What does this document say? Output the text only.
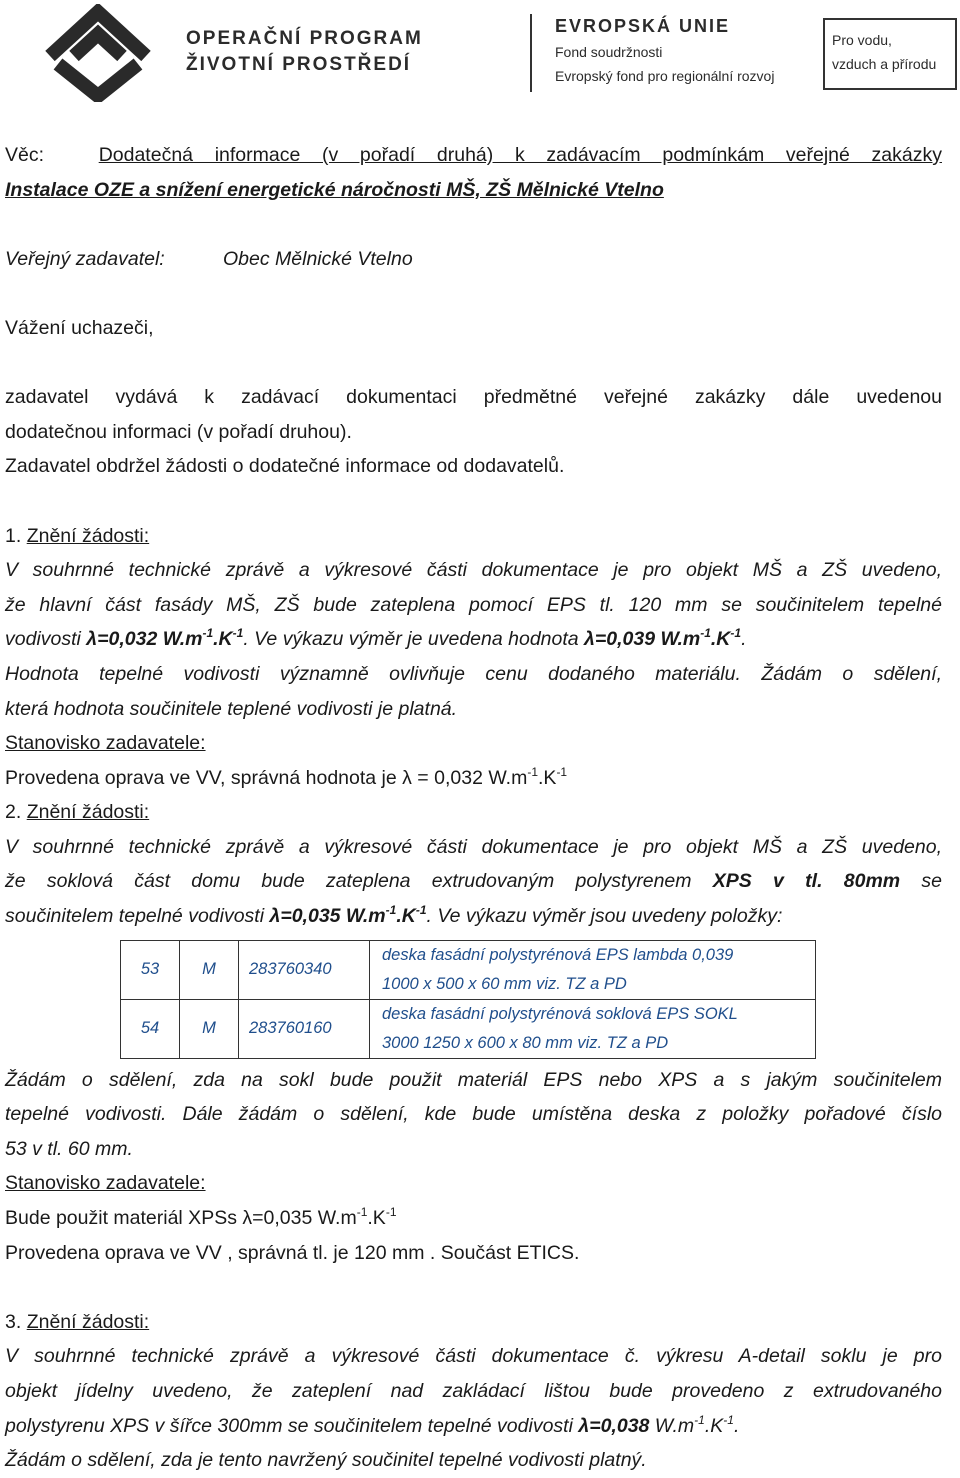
OPERAČNÍ PROGRAM
ŽIVOTNÍ PROSTŘEDÍ
EVROPSKÁ UNIE
Fond soudržnosti
Evropský fond pro regionální rozvoj
Pro vodu,
vzduch a přírodu
Věc:	Dodatečná informace (v pořadí druhá) k zadávacím podmínkám veřejné zakázky
Instalace OZE a snížení energetické náročnosti MŠ, ZŠ Mělnické Vtelno
Veřejný zadavatel:	Obec Mělnické Vtelno
Vážení uchazeči,
zadavatel vydává k zadávací dokumentaci předmětné veřejné zakázky dále uvedenou
dodatečnou informaci (v pořadí druhou).
Zadavatel obdržel žádosti o dodatečné informace od dodavatelů.
1. Znění žádosti:
V souhrnné technické zprávě a výkresové části dokumentace je pro objekt MŠ a ZŠ uvedeno,
že hlavní část fasády MŠ, ZŠ bude zateplena pomocí EPS tl. 120 mm se součinitelem tepelné
vodivosti λ=0,032 $W.m^{-1}.K^{-1}$. Ve výkazu výměr je uvedena hodnota λ=0,039 $W.m^{-1}.K^{-1}$.
Hodnota tepelné vodivosti významně ovlivňuje cenu dodaného materiálu. Žádám o sdělení,
která hodnota součinitele teplené vodivosti je platná.
Stanovisko zadavatele:
Provedena oprava ve VV, správná hodnota je λ = 0,032 $W.m^{-1}.K^{-1}$
2. Znění žádosti:
V souhrnné technické zprávě a výkresové části dokumentace je pro objekt MŠ a ZŠ uvedeno,
že soklová část domu bude zateplena extrudovaným polystyrenem XPS v tl. 80mm se
součinitelem tepelné vodivosti λ=0,035 $W.m^{-1}.K^{-1}$. Ve výkazu výměr jsou uvedeny položky:
53	M	283760340	deska fasádní polystyrénová EPS lambda 0,039
1000 x 500 x 60 mm viz. TZ a PD

54	M	283760160	deska fasádní polystyrénová soklová EPS SOKL
3000 1250 x 600 x 80 mm viz. TZ a PD
Žádám o sdělení, zda na sokl bude použit materiál EPS nebo XPS a s jakým součinitelem
tepelné vodivosti. Dále žádám o sdělení, kde bude umístěna deska z položky pořadové číslo
53 v tl. 60 mm.
Stanovisko zadavatele:
Bude použit materiál XPSs λ=0,035 $W.m^{-1}.K^{-1}$
Provedena oprava ve VV , správná tl. je 120 mm . Součást ETICS.
3. Znění žádosti:
V souhrnné technické zprávě a výkresové části dokumentace č. výkresu A-detail soklu je pro
objekt jídelny uvedeno, že zateplení nad zakládací lištou bude provedeno z extrudovaného
polystyrenu XPS v šířce 300mm se součinitelem tepelné vodivosti λ=0,038 $W.m^{-1}.K^{-1}$.
Žádám o sdělení, zda je tento navržený součinitel tepelné vodivosti platný.
